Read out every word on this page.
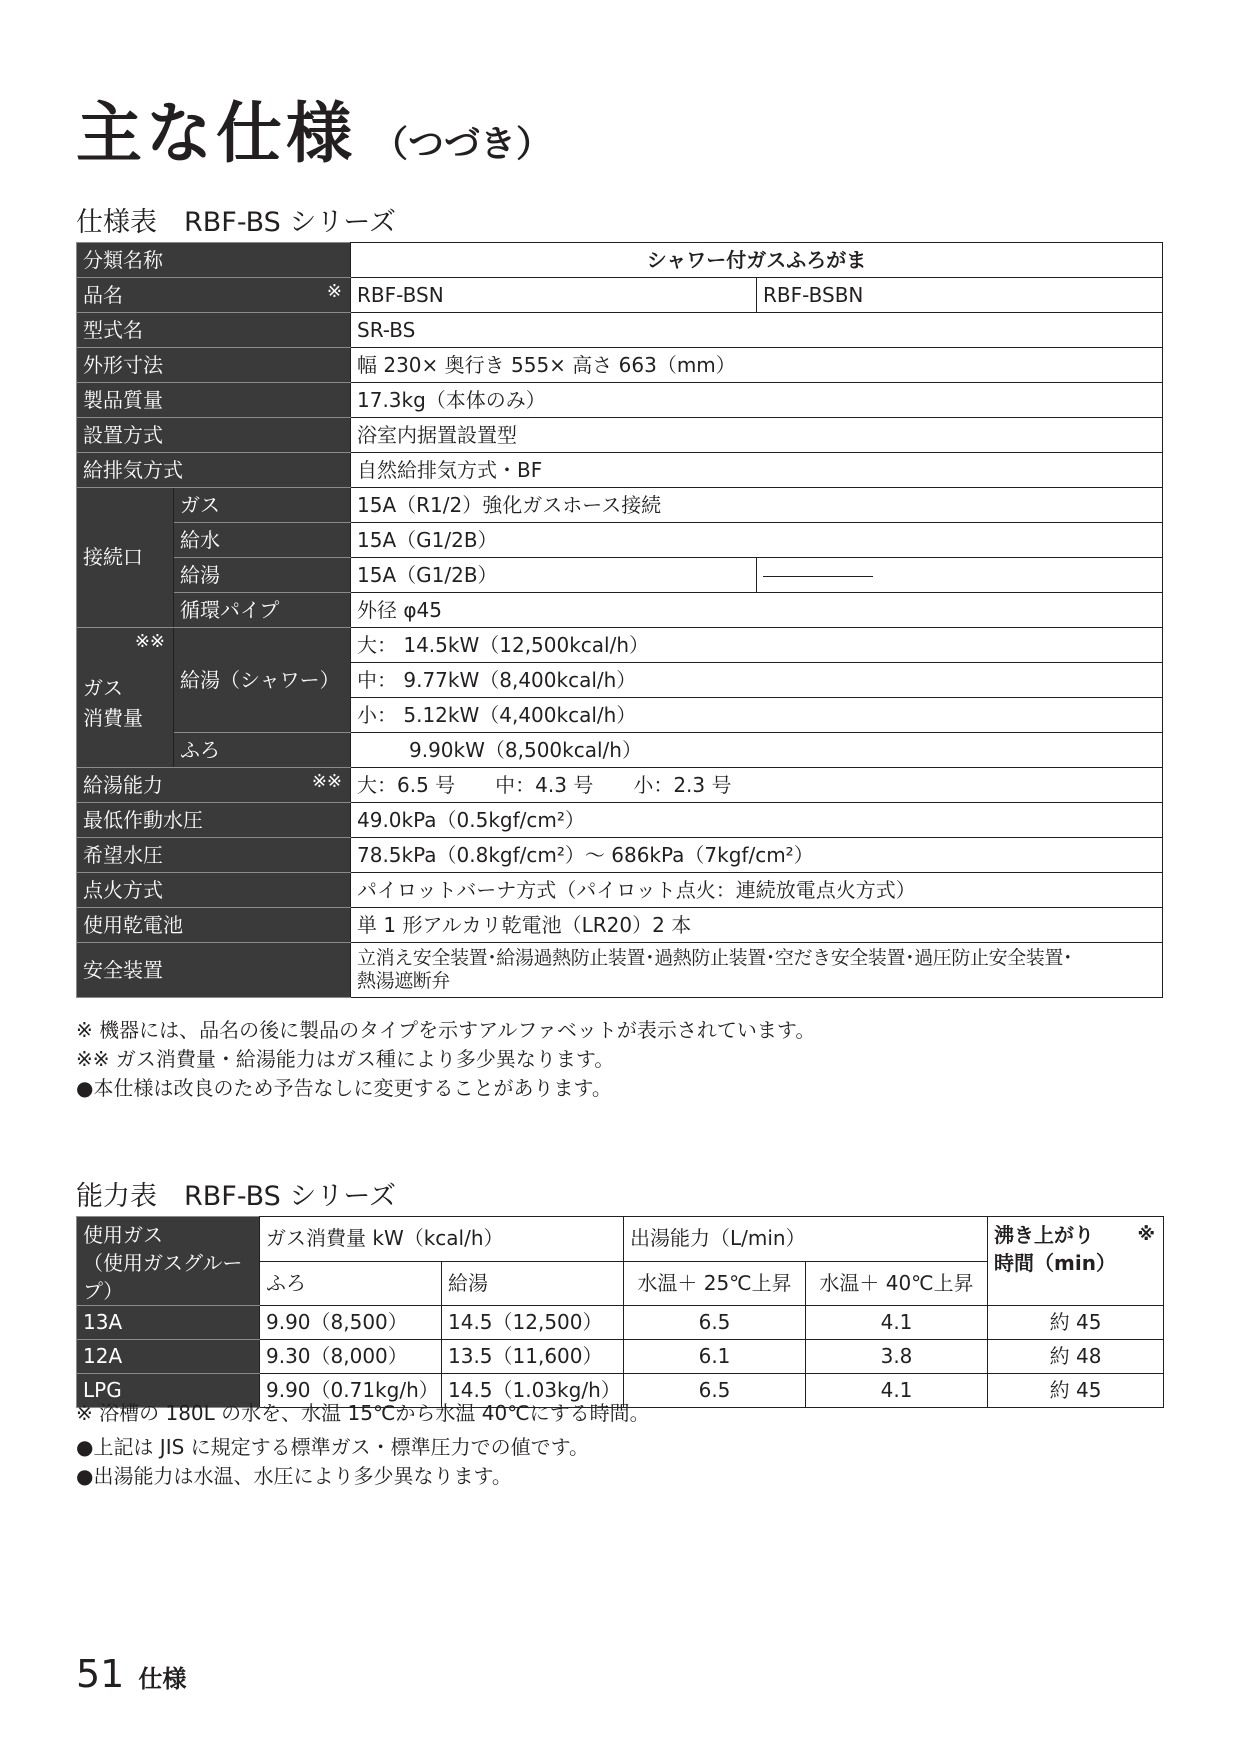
主な仕様 （つづき）
仕様表　RBF-BS シリーズ
分類名称		シャワー付ガスふろがま	
品名 ※		RBF-BSN	RBF-BSBN
型式名		SR-BS	
外形寸法		幅 230× 奥行き 555× 高さ 663（mm）	
製品質量		17.3kg（本体のみ）	
設置方式		浴室内据置設置型	
給排気方式		自然給排気方式・BF	
接続口	ガス	15A（R1/2）強化ガスホース接続	
	給水	15A（G1/2B）	
	給湯	15A（G1/2B）	
	循環パイプ	外径 φ45	

※※
ガス
消費量	給湯（シャワー）	大： 14.5kW（12,500kcal/h）	
		中： 9.77kW（8,400kcal/h）	
		小： 5.12kW（4,400kcal/h）	
	ふろ	9.90kW（8,500kcal/h）	
給湯能力 ※※		大：6.5 号　　中：4.3 号　　小：2.3 号	
最低作動水圧		49.0kPa（0.5kgf/cm²）	
希望水圧		78.5kPa（0.8kgf/cm²）～ 686kPa（7kgf/cm²）	
点火方式		パイロットバーナ方式（パイロット点火：連続放電点火方式）	
使用乾電池		単 1 形アルカリ乾電池（LR20）2 本	
安全装置		立消え安全装置･給湯過熱防止装置･過熱防止装置･空だき安全装置･過圧防止安全装置･
熱湯遮断弁	
※ 機器には、品名の後に製品のタイプを示すアルファベットが表示されています。
※※ ガス消費量・給湯能力はガス種により多少異なります。
●本仕様は改良のため予告なしに変更することがあります。
能力表　RBF-BS シリーズ
使用ガス
（使用ガスグループ）	ガス消費量 kW（kcal/h）		出湯能力（L/min）		沸き上がり
時間（min）
※

	ふろ	給湯	水温＋ 25℃上昇	水温＋ 40℃上昇	
13A	9.90（8,500）	14.5（12,500）	6.5	4.1	約 45
12A	9.30（8,000）	13.5（11,600）	6.1	3.8	約 48
LPG	9.90（0.71kg/h）	14.5（1.03kg/h）	6.5	4.1	約 45
※ 浴槽の 180L の水を、水温 15℃から水温 40℃にする時間。
●上記は JIS に規定する標準ガス・標準圧力での値です。
●出湯能力は水温、水圧により多少異なります。
51 仕様
